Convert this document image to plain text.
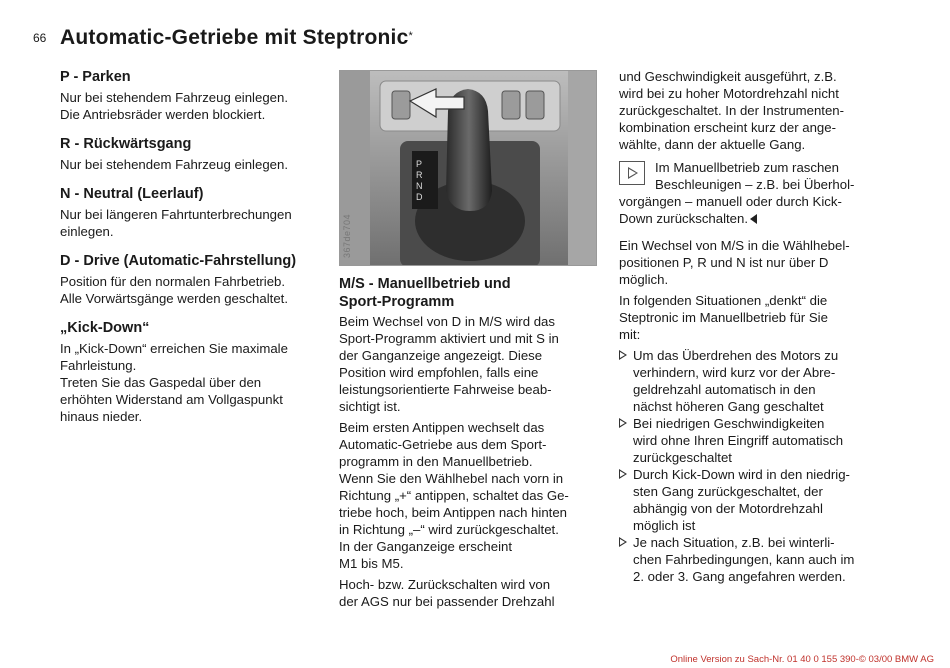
66 Automatic-Getriebe mit Steptronic*
P - Parken

Nur bei stehendem Fahrzeug einlegen.

Die Antriebsräder werden blockiert.

R - Rückwärtsgang

Nur bei stehendem Fahrzeug einlegen.

N - Neutral (Leerlauf)

Nur bei längeren Fahrtunterbrechungen

einlegen.

D - Drive (Automatic-Fahrstellung)

Position für den normalen Fahrbetrieb.

Alle Vorwärtsgänge werden geschaltet.

„Kick-Down“

In „Kick-Down“ erreichen Sie maximale

Fahrleistung.

Treten Sie das Gaspedal über den

erhöhten Widerstand am Vollgaspunkt

hinaus nieder.

P
R
N
D
367de704
M/S - Manuellbetrieb und
Sport-Programm

Beim Wechsel von D in M/S wird das
Sport-Programm aktiviert und mit S in
der Ganganzeige angezeigt. Diese
Position wird empfohlen, falls eine
leistungsorientierte Fahrweise beab-
sichtigt ist.

Beim ersten Antippen wechselt das
Automatic-Getriebe aus dem Sport-
programm in den Manuellbetrieb.
Wenn Sie den Wählhebel nach vorn in
Richtung „+“ antippen, schaltet das Ge-
triebe hoch, beim Antippen nach hinten
in Richtung „–“ wird zurückgeschaltet.
In der Ganganzeige erscheint
M1 bis M5.

Hoch- bzw. Zurückschalten wird von
der AGS nur bei passender Drehzahl

und Geschwindigkeit ausgeführt, z.B.
wird bei zu hoher Motordrehzahl nicht
zurückgeschaltet. In der Instrumenten-
kombination erscheint kurz der ange-
wählte, dann der aktuelle Gang.

Im Manuellbetrieb zum raschen
Beschleunigen – z.B. bei Überhol-

vorgängen – manuell oder durch Kick-
Down zurückschalten.

Ein Wechsel von M/S in die Wählhebel-
positionen P, R und N ist nur über D
möglich.

In folgenden Situationen „denkt“ die
Steptronic im Manuellbetrieb für Sie
mit:

Um das Überdrehen des Motors zu
verhindern, wird kurz vor der Abre-
geldrehzahl automatisch in den
nächst höheren Gang geschaltet
Bei niedrigen Geschwindigkeiten
wird ohne Ihren Eingriff automatisch
zurückgeschaltet
Durch Kick-Down wird in den niedrig-
sten Gang zurückgeschaltet, der
abhängig von der Motordrehzahl
möglich ist
Je nach Situation, z.B. bei winterli-
chen Fahrbedingungen, kann auch im
2. oder 3. Gang angefahren werden.
Online Version zu Sach-Nr. 01 40 0 155 390-© 03/00 BMW AG
